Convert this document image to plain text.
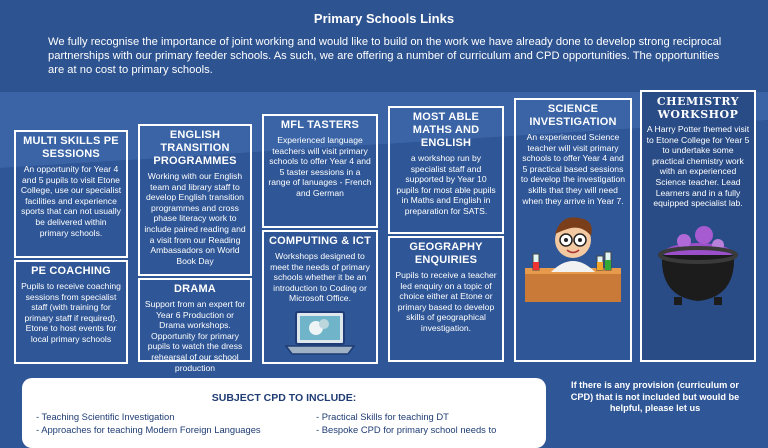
Primary Schools Links
We fully recognise the importance of joint working and would like to build on the work we have already done to develop strong reciprocal partnerships with our primary feeder schools. As such, we are offering a number of curriculum and CPD opportunities. The opportunities are at no cost to primary schools.
MULTI SKILLS PE SESSIONS

An opportunity for Year 4 and 5 pupils to visit Etone College, use our specialist facilities and experience sports that can not usually be delivered within primary schools.

PE COACHING

Pupils to receive coaching sessions from specialist staff (with training for primary staff if required). Etone to host events for local primary schools

ENGLISH TRANSITION PROGRAMMES

Working with our English team and library staff to develop English transition programmes and cross phase literacy work to include paired reading and a visit from our Reading Ambassadors on World Book Day

DRAMA

Support from an expert for Year 6 Production or Drama workshops. Opportunity for primary pupils to watch the dress rehearsal of our school production

MFL TASTERS

Experienced language teachers will visit primary schools to offer Year 4 and 5 taster sessions in a range of lanuages - French and German

COMPUTING & ICT

Workshops designed to meet the needs of primary schools whether it be an introduction to Coding or Microsoft Office.

MOST ABLE MATHS AND ENGLISH

a workshop run by specialist staff and supported by Year 10 pupils for most able pupils in Maths and English in preparation for SATS.

GEOGRAPHY ENQUIRIES

Pupils to receive a teacher led enquiry on a topic of choice either at Etone or primary based to develop skills of geographical investigation.

SCIENCE INVESTIGATION

An experienced Science teacher will visit primary schools to offer Year 4 and 5 practical based sessions to develop the investigation skills that they will need when they arrive in Year 7.

CHEMISTRY WORKSHOP

A Harry Potter themed visit to Etone College for Year 5 to undertake some practical chemistry work with an experienced Science teacher. Lead Learners and in a fully equipped specialist lab.

SUBJECT CPD TO INCLUDE:
- Teaching Scientific Investigation
- Approaches for teaching Modern Foreign Languages
- Practical Skills for teaching DT
- Bespoke CPD for primary school needs to
If there is any provision (curriculum or CPD) that is not included but would be helpful, please let us
